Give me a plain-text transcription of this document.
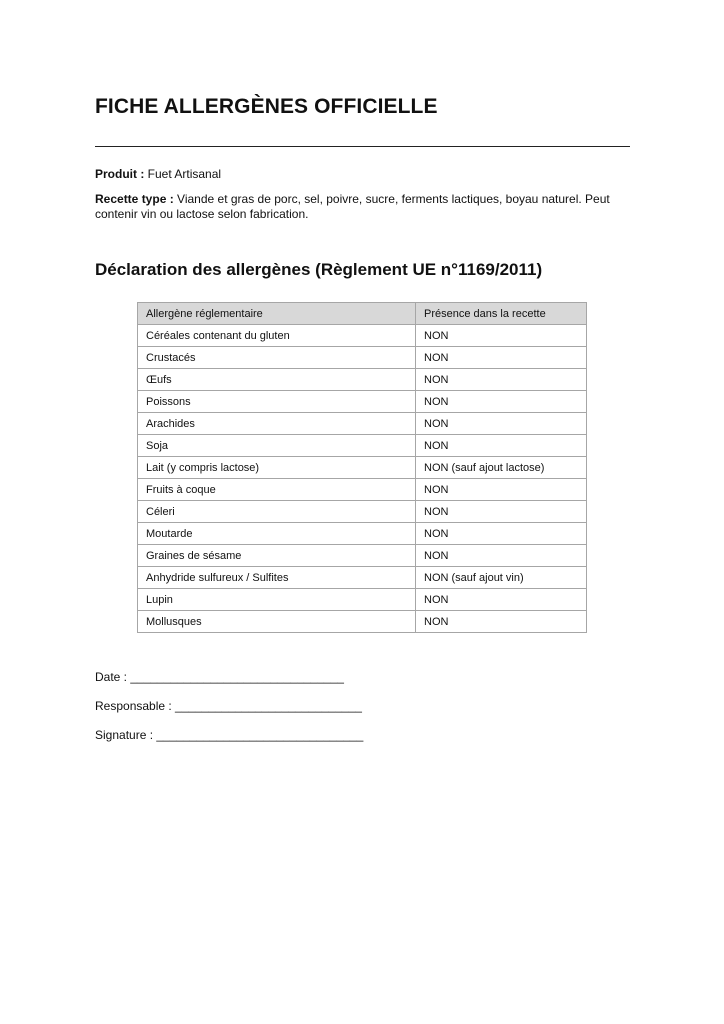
FICHE ALLERGÈNES OFFICIELLE

Produit : Fuet Artisanal

Recette type : Viande et gras de porc, sel, poivre, sucre, ferments lactiques, boyau naturel. Peut contenir vin ou lactose selon fabrication.

Déclaration des allergènes (Règlement UE n°1169/2011)
Allergène réglementaire	Présence dans la recette
Céréales contenant du gluten	NON
Crustacés	NON
Œufs	NON
Poissons	NON
Arachides	NON
Soja	NON
Lait (y compris lactose)	NON (sauf ajout lactose)
Fruits à coque	NON
Céleri	NON
Moutarde	NON
Graines de sésame	NON
Anhydride sulfureux / Sulfites	NON (sauf ajout vin)
Lupin	NON
Mollusques	NON

Date : ________________________________

Responsable : ____________________________

Signature : _______________________________
